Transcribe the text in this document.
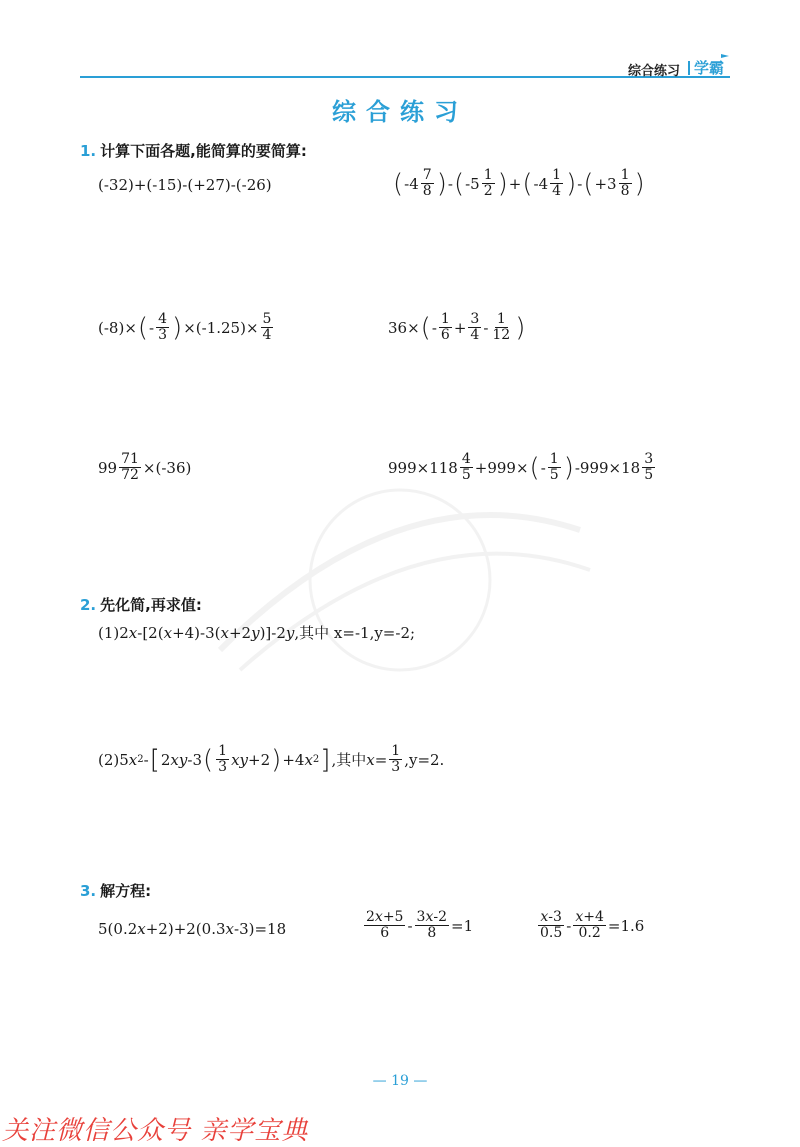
综合练习 学霸
综合练习
1. 计算下面各题,能简算的要简算:
(-32)+(-15)-(+27)-(-26)	( $-4 \frac{7}{8}$ ) - ( $-5 \frac{1}{2}$ ) + ( $-4 \frac{1}{4}$ ) - ( $+3 \frac{1}{8}$ )
(-8)× ( - $\frac{4}{3}$ ) $\times(-1.25)\times \frac{5}{4}$	36× ( - $\frac{1}{6} + \frac{3}{4} - \frac{1}{12}$ )
$99 \frac{71}{72} \times(-36)$	$999\times 118 \frac{4}{5} +999\times$ ( - $\frac{1}{5}$ ) $-999\times 18 \frac{3}{5}$
2. 先化简,再求值:
(1) 2 x -[2( x +4)-3( x +2 y )]-2 y ,其中 x=-1,y=-2;
(2) 5 x 2 - [ 2 x y -3 ( $\frac{1}{3}$ x y +2 ) +4 x 2 ] ,其中 $x = \frac{1}{3}$ , y=2.
3. 解方程:
5(0.2 x +2)+2(0.3 x -3)=18	$\frac{2x+5}{6} - \frac{3x-2}{8} =1$	$\frac{x-3}{0.5} - \frac{x+4}{0.2} =1.6$
— 19 —
关注微信公众号 亲学宝典
